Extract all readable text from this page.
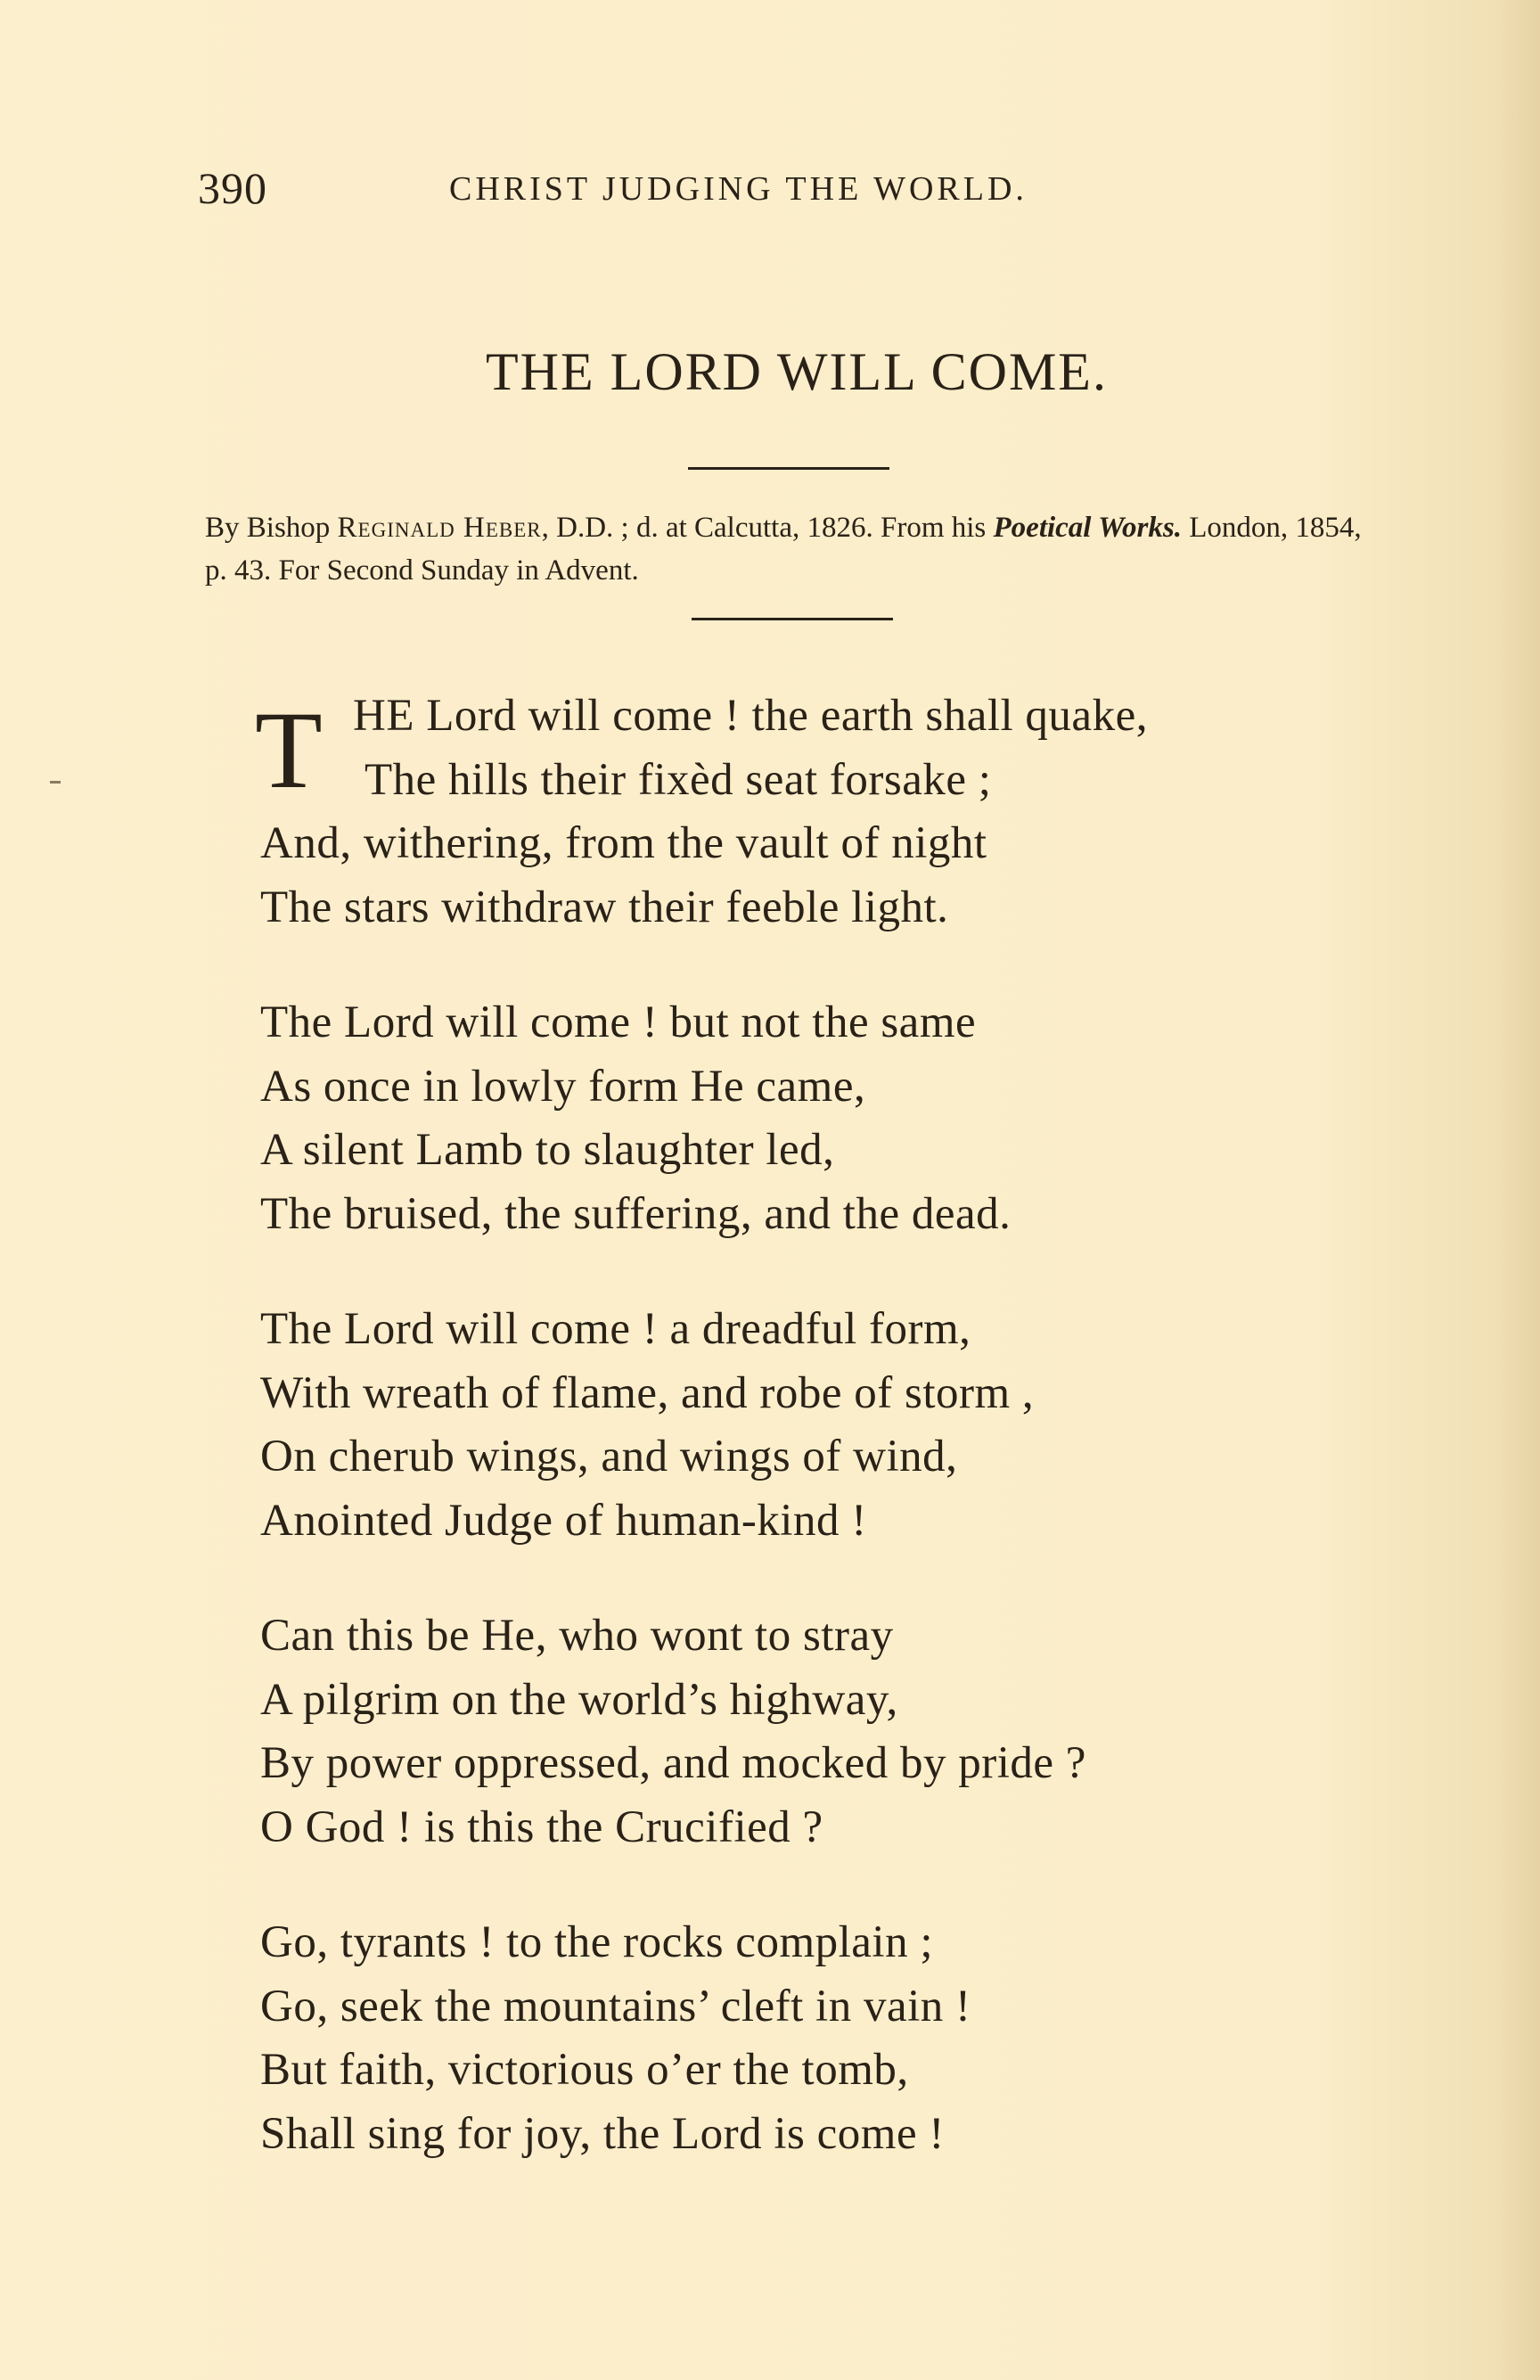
390	CHRIST JUDGING THE WORLD.
THE LORD WILL COME.
By Bishop Reginald Heber, D.D. ; d. at Calcutta, 1826. From his Poetical Works. London, 1854, p. 43. For Second Sunday in Advent.
T HE Lord will come ! the earth shall quake,
The hills their fixèd seat forsake ;
And, withering, from the vault of night
The stars withdraw their feeble light.
The Lord will come ! but not the same
As once in lowly form He came,
A silent Lamb to slaughter led,
The bruised, the suffering, and the dead.
The Lord will come ! a dreadful form,
With wreath of flame, and robe of storm ,
On cherub wings, and wings of wind,
Anointed Judge of human-kind !
Can this be He, who wont to stray
A pilgrim on the world’s highway,
By power oppressed, and mocked by pride ?
O God ! is this the Crucified ?
Go, tyrants ! to the rocks complain ;
Go, seek the mountains’ cleft in vain !
But faith, victorious o’er the tomb,
Shall sing for joy, the Lord is come !
